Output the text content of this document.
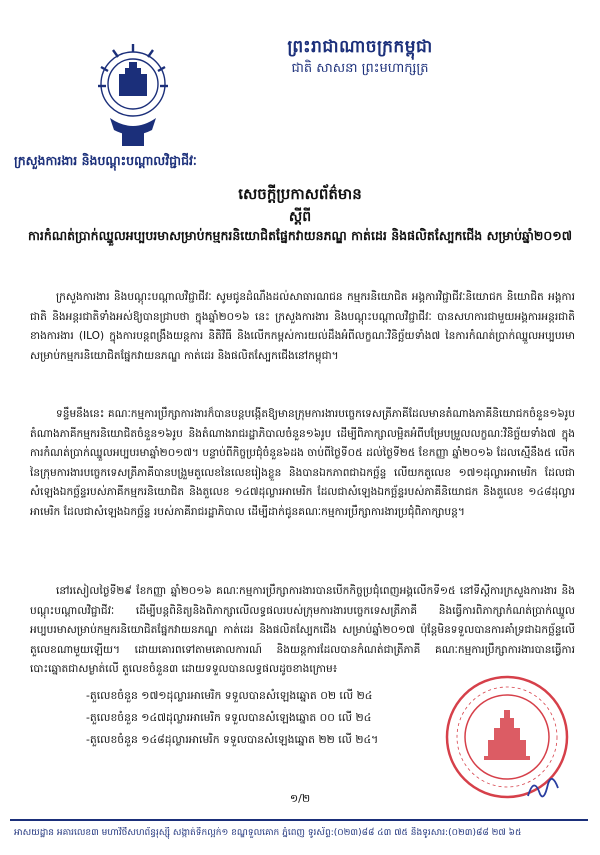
ព្រះរាជាណាចក្រកម្ពុជា
ជាតិ សាសនា ព្រះមហាក្សត្រ
ក្រសួងការងារ និងបណ្តុះបណ្តាលវិជ្ជាជីវៈ
សេចក្តីប្រកាសព័ត៌មាន
ស្តីពី
ការកំណត់ប្រាក់ឈ្នួលអប្បបរមាសម្រាប់កម្មករនិយោជិតផ្នែកវាយនភណ្ឌ កាត់ដេរ និងផលិតស្បែកជើង សម្រាប់ឆ្នាំ២០១៧
ក្រសួងការងារ និងបណ្តុះបណ្តាលវិជ្ជាជីវៈ សូមជូនដំណឹងដល់សាធារណជន កម្មករនិយោជិត អង្គការវិជ្ជាជីវៈនិយោជក និយោជិត អង្គការជាតិ និងអន្តរជាតិទាំងអស់ឱ្យបានជ្រាបថា ក្នុងឆ្នាំ២០១៦ នេះ ក្រសួងការងារ និងបណ្តុះបណ្តាលវិជ្ជាជីវៈ បានសហការជាមួយអង្គការអន្តរជាតិខាងការងារ (ILO) ក្នុងការបន្តពង្រឹងយន្តការ និតិវិធី និងលើកកម្ពស់ការយល់ដឹងអំពីលក្ខណៈវិនិច្ឆ័យទាំង៧ នៃការកំណត់ប្រាក់ឈ្នួលអប្បបរមាសម្រាប់កម្មករនិយោជិតផ្នែកវាយនភណ្ឌ កាត់ដេរ និងផលិតស្បែកជើងនៅកម្ពុជា។
ទន្ទឹមនឹងនេះ គណៈកម្មការប្រឹក្សាការងារក៏បានបន្តបង្កើតឱ្យមានក្រុមការងារបច្ចេកទេសត្រីភាគីដែលមានតំណាងភាគីនិយោជកចំនួន១៦រូប តំណាងភាគីកម្មករនិយោជិតចំនួន១៦រូប និងតំណាងរាជរដ្ឋាភិបាលចំនួន១៦រូប ដើម្បីពិភាក្សាលម្អិតអំពីបម្រែបម្រួលលក្ខណៈវិនិច្ឆ័យទាំង៧ ក្នុងការកំណត់ប្រាក់ឈ្នួលអប្បបរមាឆ្នាំ២០១៧។ បន្ទាប់ពីកិច្ចប្រជុំចំនួន៦ដង ចាប់ពីថ្ងៃទី០៥ ដល់ថ្ងៃទី២៥ ខែកញ្ញា ឆ្នាំ២០១៦ ដែលស្មើនឹង៥ លើកនៃក្រុមការងារបច្ចេកទេសត្រីភាគីបានបង្រួមតួលេខនៃលេខរៀងខ្លួន និងបានឯកភាពជាឯកច្ឆ័ន្ទ លើយកតួលេខ ១៧១ដុល្លារអាមេរិក ដែលជាសំឡេងឯកច្ឆ័ន្ទរបស់ភាគីកម្មករនិយោជិត និងតួលេខ ១៤៧ដុល្លារអាមេរិក ដែលជាសំឡេងឯកច្ឆ័ន្ទរបស់ភាគីនិយោជក និងតួលេខ ១៤៨ដុល្លារអាមេរិក ដែលជាសំឡេងឯកច្ឆ័ន្ទ របស់ភាគីរាជរដ្ឋាភិបាល ដើម្បីដាក់ជូនគណៈកម្មការប្រឹក្សាការងារប្រជុំពិភាក្សាបន្ត។
នៅរសៀលថ្ងៃទី២៩ ខែកញ្ញា ឆ្នាំ២០១៦ គណៈកម្មការប្រឹក្សាការងារបានបើកកិច្ចប្រជុំពេញអង្គលើកទី១៥ នៅទីស្តីការក្រសួងការងារ និងបណ្តុះបណ្តាលវិជ្ជាជីវៈ ដើម្បីបន្តពិនិត្យនិងពិភាក្សាលើលទ្ធផលរបស់ក្រុមការងារបច្ចេកទេសត្រីភាគី និងធ្វើការពិភាក្សាកំណត់ប្រាក់ឈ្នួលអប្បបរមាសម្រាប់កម្មករនិយោជិតផ្នែកវាយនភណ្ឌ កាត់ដេរ និងផលិតស្បែកជើង សម្រាប់ឆ្នាំ២០១៧ ប៉ុន្តែមិនទទួលបានការគាំទ្រជាឯកច្ឆ័ន្ទលើតួលេខណាមួយឡើយ។ ដោយគោរពទៅតាមគោលការណ៍ និងយន្តការដែលបានកំណត់ជាត្រីភាគី គណៈកម្មការប្រឹក្សាការងារបានធ្វើការបោះឆ្នោតជាសម្ងាត់លើ តួលេខចំនួន៣ ដោយទទួលបានលទ្ធផលដូចខាងក្រោម៖
-តួលេខចំនួន ១៧១ដុល្លារអាមេរិក ទទួលបានសំឡេងឆ្នោត ០២ លើ ២៤
-តួលេខចំនួន ១៤៧ដុល្លារអាមេរិក ទទួលបានសំឡេងឆ្នោត ០០ លើ ២៤
-តួលេខចំនួន ១៤៨ដុល្លារអាមេរិក ទទួលបានសំឡេងឆ្នោត ២២ លើ ២៤។
១/២
អាសយដ្ឋាន អគារលេខ៣ មហាវិថីសហព័ន្ធរុស្ស៊ី សង្កាត់ទឹកល្អក់១ ខណ្ឌទួលគោក ភ្នំពេញ ទូរស័ព្ទ:(០២៣)៨៨ ៤៣ ៧៥ និងទូរសារ:(០២៣)៨៨ ២៧ ៦៥
